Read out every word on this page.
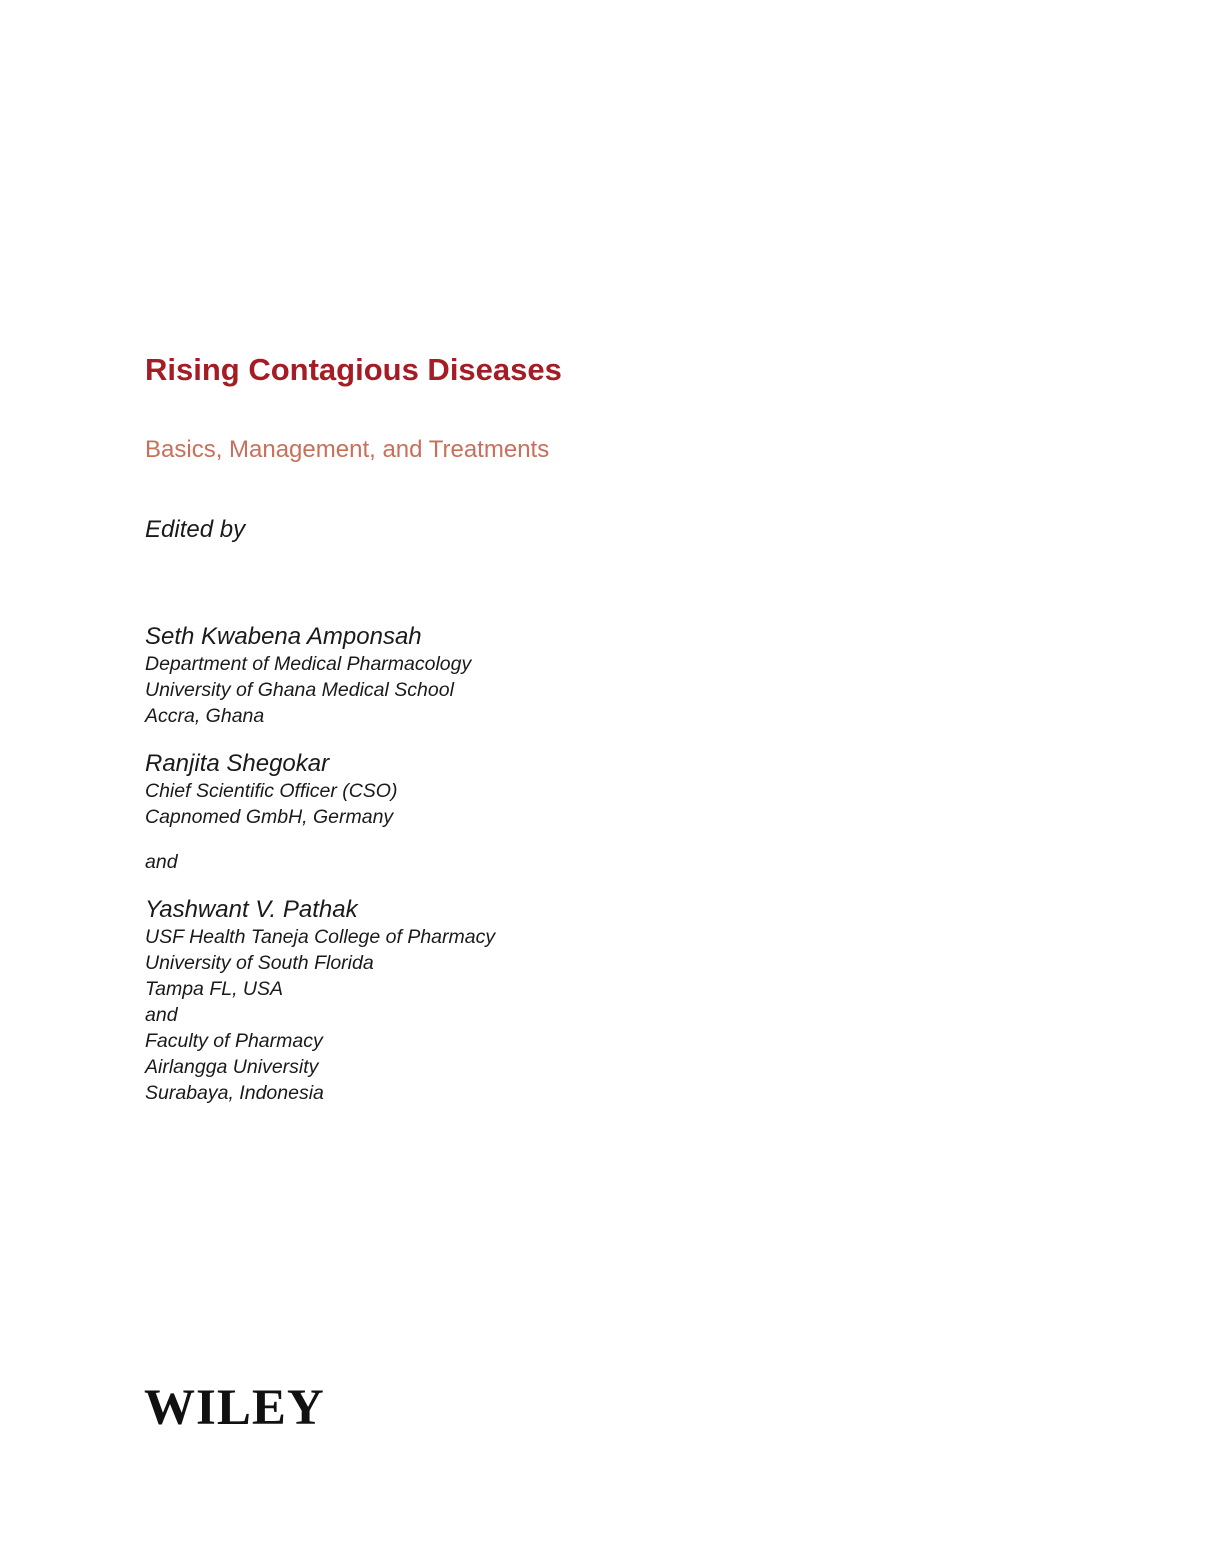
Rising Contagious Diseases

Basics, Management, and Treatments

Edited by

Seth Kwabena Amponsah
Department of Medical Pharmacology
University of Ghana Medical School
Accra, Ghana
Ranjita Shegokar
Chief Scientific Officer (CSO)
Capnomed GmbH, Germany

and

Yashwant V. Pathak
USF Health Taneja College of Pharmacy
University of South Florida
Tampa FL, USA
and
Faculty of Pharmacy
Airlangga University
Surabaya, Indonesia
WILEY
